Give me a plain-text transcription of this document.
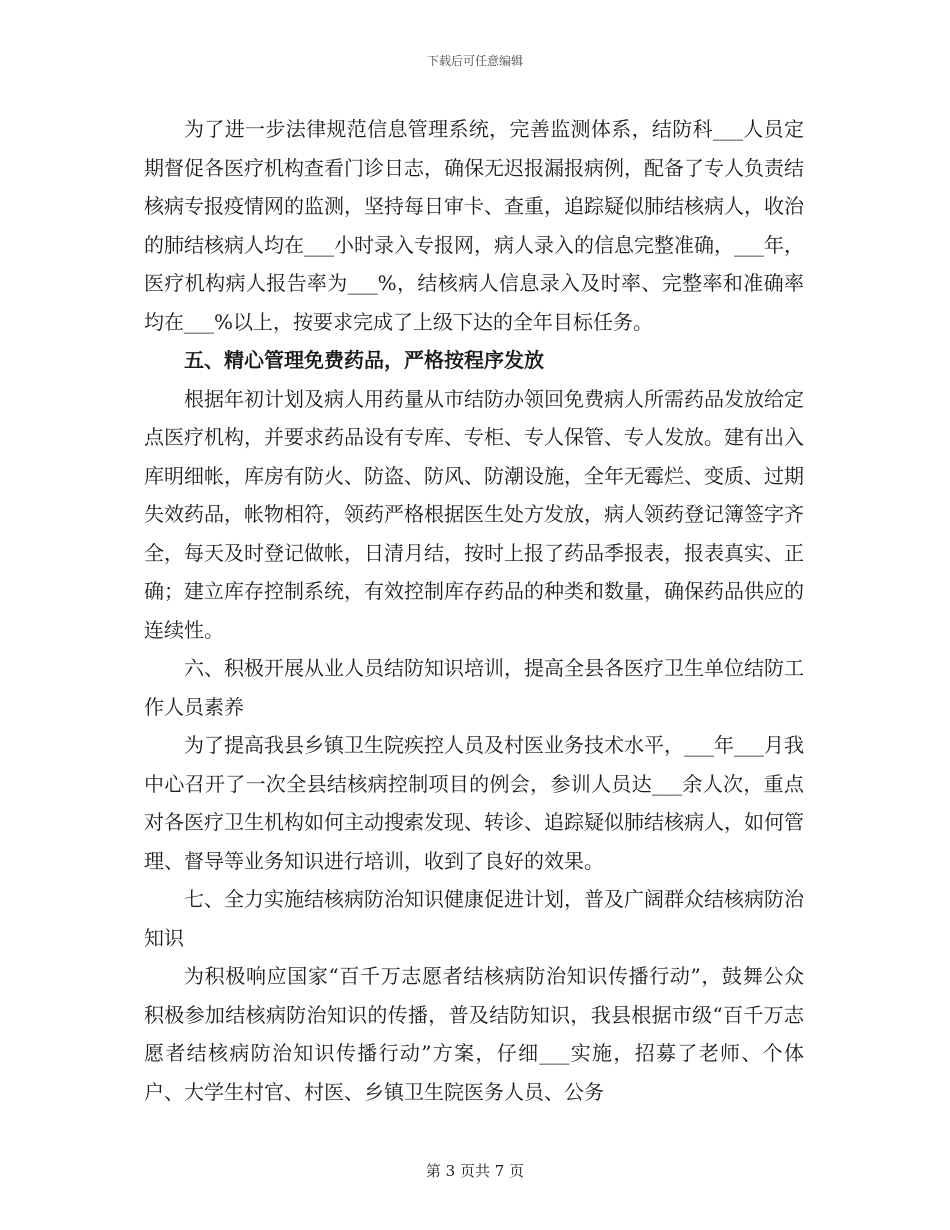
下载后可任意编辑

为了进一步法律规范信息管理系统，完善监测体系，结防科___人员定期督促各医疗机构查看门诊日志，确保无迟报漏报病例，配备了专人负责结核病专报疫情网的监测，坚持每日审卡、查重，追踪疑似肺结核病人，收治的肺结核病人均在___小时录入专报网，病人录入的信息完整准确，___年，医疗机构病人报告率为___%，结核病人信息录入及时率、完整率和准确率均在___%以上，按要求完成了上级下达的全年目标任务。

五、精心管理免费药品，严格按程序发放

根据年初计划及病人用药量从市结防办领回免费病人所需药品发放给定点医疗机构，并要求药品设有专库、专柜、专人保管、专人发放。建有出入库明细帐，库房有防火、防盗、防风、防潮设施，全年无霉烂、变质、过期失效药品，帐物相符，领药严格根据医生处方发放，病人领药登记簿签字齐全，每天及时登记做帐，日清月结，按时上报了药品季报表，报表真实、正确；建立库存控制系统，有效控制库存药品的种类和数量，确保药品供应的连续性。

六、积极开展从业人员结防知识培训，提高全县各医疗卫生单位结防工作人员素养

为了提高我县乡镇卫生院疾控人员及村医业务技术水平，___年___月我中心召开了一次全县结核病控制项目的例会，参训人员达___余人次，重点对各医疗卫生机构如何主动搜索发现、转诊、追踪疑似肺结核病人，如何管理、督导等业务知识进行培训，收到了良好的效果。

七、全力实施结核病防治知识健康促进计划，普及广阔群众结核病防治知识

为积极响应国家“百千万志愿者结核病防治知识传播行动”，鼓舞公众积极参加结核病防治知识的传播，普及结防知识，我县根据市级“百千万志愿者结核病防治知识传播行动”方案，仔细___实施，招募了老师、个体户、大学生村官、村医、乡镇卫生院医务人员、公务

第 3 页共 7 页
